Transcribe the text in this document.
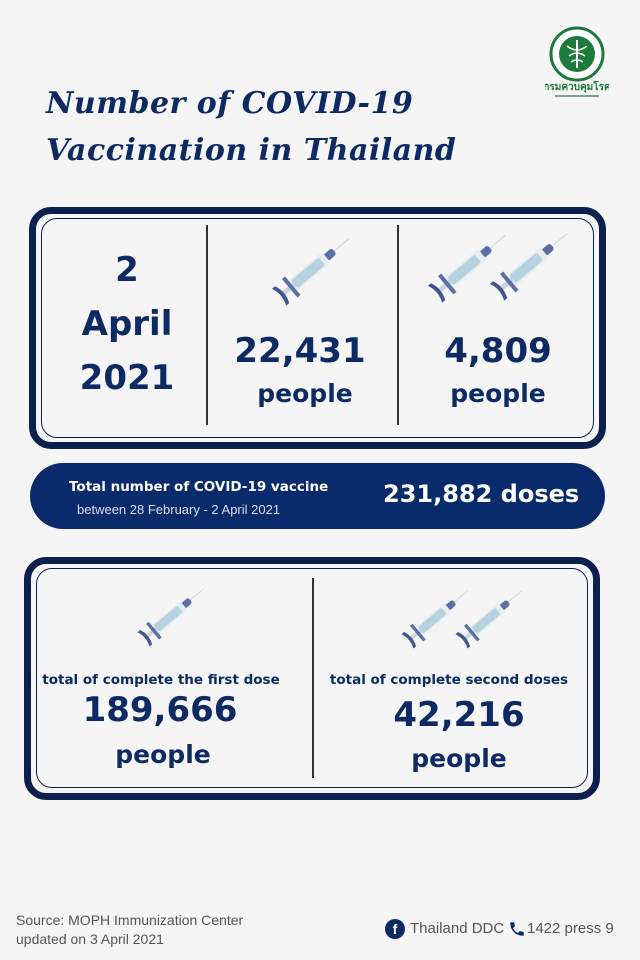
กรมควบคุมโรค
Number of COVID-19
Vaccination in Thailand
2
April
2021
22,431
people
4,809
people
Total number of COVID-19 vaccine
between 28 February - 2 April 2021
231,882 doses
total of complete the first dose
189,666
people
total of complete second doses
42,216
people
Source: MOPH Immunization Center
updated on 3 April 2021
f Thailand DDC 1422 press 9
